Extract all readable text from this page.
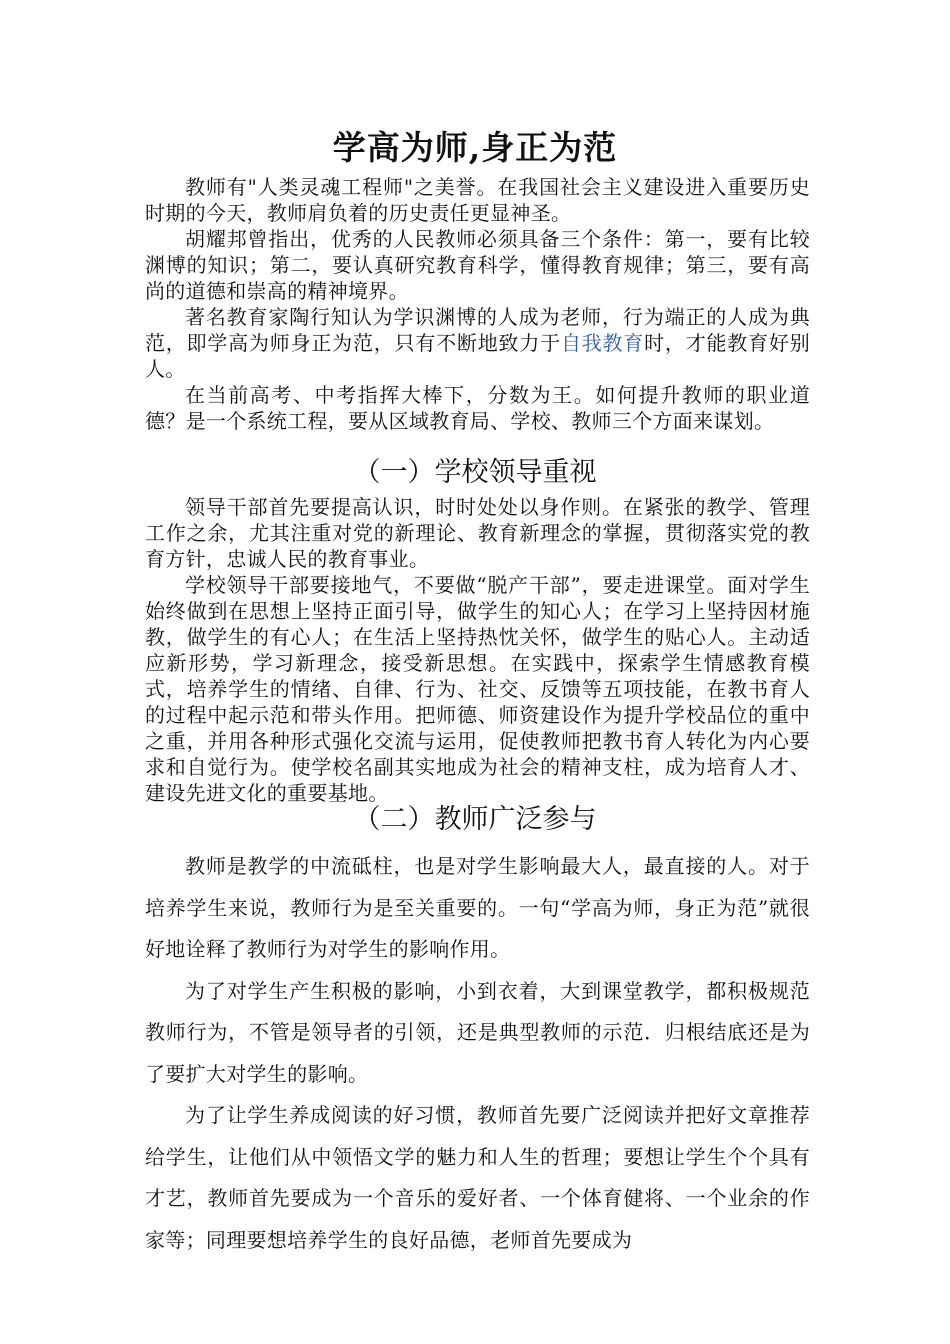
学高为师,身正为范

教师有"人类灵魂工程师"之美誉。在我国社会主义建设进入重要历史时期的今天，教师肩负着的历史责任更显神圣。

胡耀邦曾指出，优秀的人民教师必须具备三个条件：第一，要有比较渊博的知识；第二，要认真研究教育科学，懂得教育规律；第三，要有高尚的道德和崇高的精神境界。

著名教育家陶行知认为学识渊博的人成为老师，行为端正的人成为典范，即学高为师身正为范，只有不断地致力于自我教育时，才能教育好别人。

在当前高考、中考指挥大棒下，分数为王。如何提升教师的职业道德？是一个系统工程，要从区域教育局、学校、教师三个方面来谋划。

（一）学校领导重视

领导干部首先要提高认识，时时处处以身作则。在紧张的教学、管理工作之余，尤其注重对党的新理论、教育新理念的掌握，贯彻落实党的教育方针，忠诚人民的教育事业。

学校领导干部要接地气，不要做“脱产干部”，要走进课堂。面对学生始终做到在思想上坚持正面引导，做学生的知心人；在学习上坚持因材施教，做学生的有心人；在生活上坚持热忱关怀，做学生的贴心人。主动适应新形势，学习新理念，接受新思想。在实践中，探索学生情感教育模式，培养学生的情绪、自律、行为、社交、反馈等五项技能，在教书育人的过程中起示范和带头作用。把师德、师资建设作为提升学校品位的重中之重，并用各种形式强化交流与运用，促使教师把教书育人转化为内心要求和自觉行为。使学校名副其实地成为社会的精神支柱，成为培育人才、建设先进文化的重要基地。

（二）教师广泛参与

教师是教学的中流砥柱，也是对学生影响最大人，最直接的人。对于培养学生来说，教师行为是至关重要的。一句“学高为师，身正为范”就很好地诠释了教师行为对学生的影响作用。

为了对学生产生积极的影响，小到衣着，大到课堂教学，都积极规范教师行为，不管是领导者的引领，还是典型教师的示范．归根结底还是为了要扩大对学生的影响。

为了让学生养成阅读的好习惯，教师首先要广泛阅读并把好文章推荐给学生，让他们从中领悟文学的魅力和人生的哲理；要想让学生个个具有才艺，教师首先要成为一个音乐的爱好者、一个体育健将、一个业余的作家等；同理要想培养学生的良好品德，老师首先要成为
